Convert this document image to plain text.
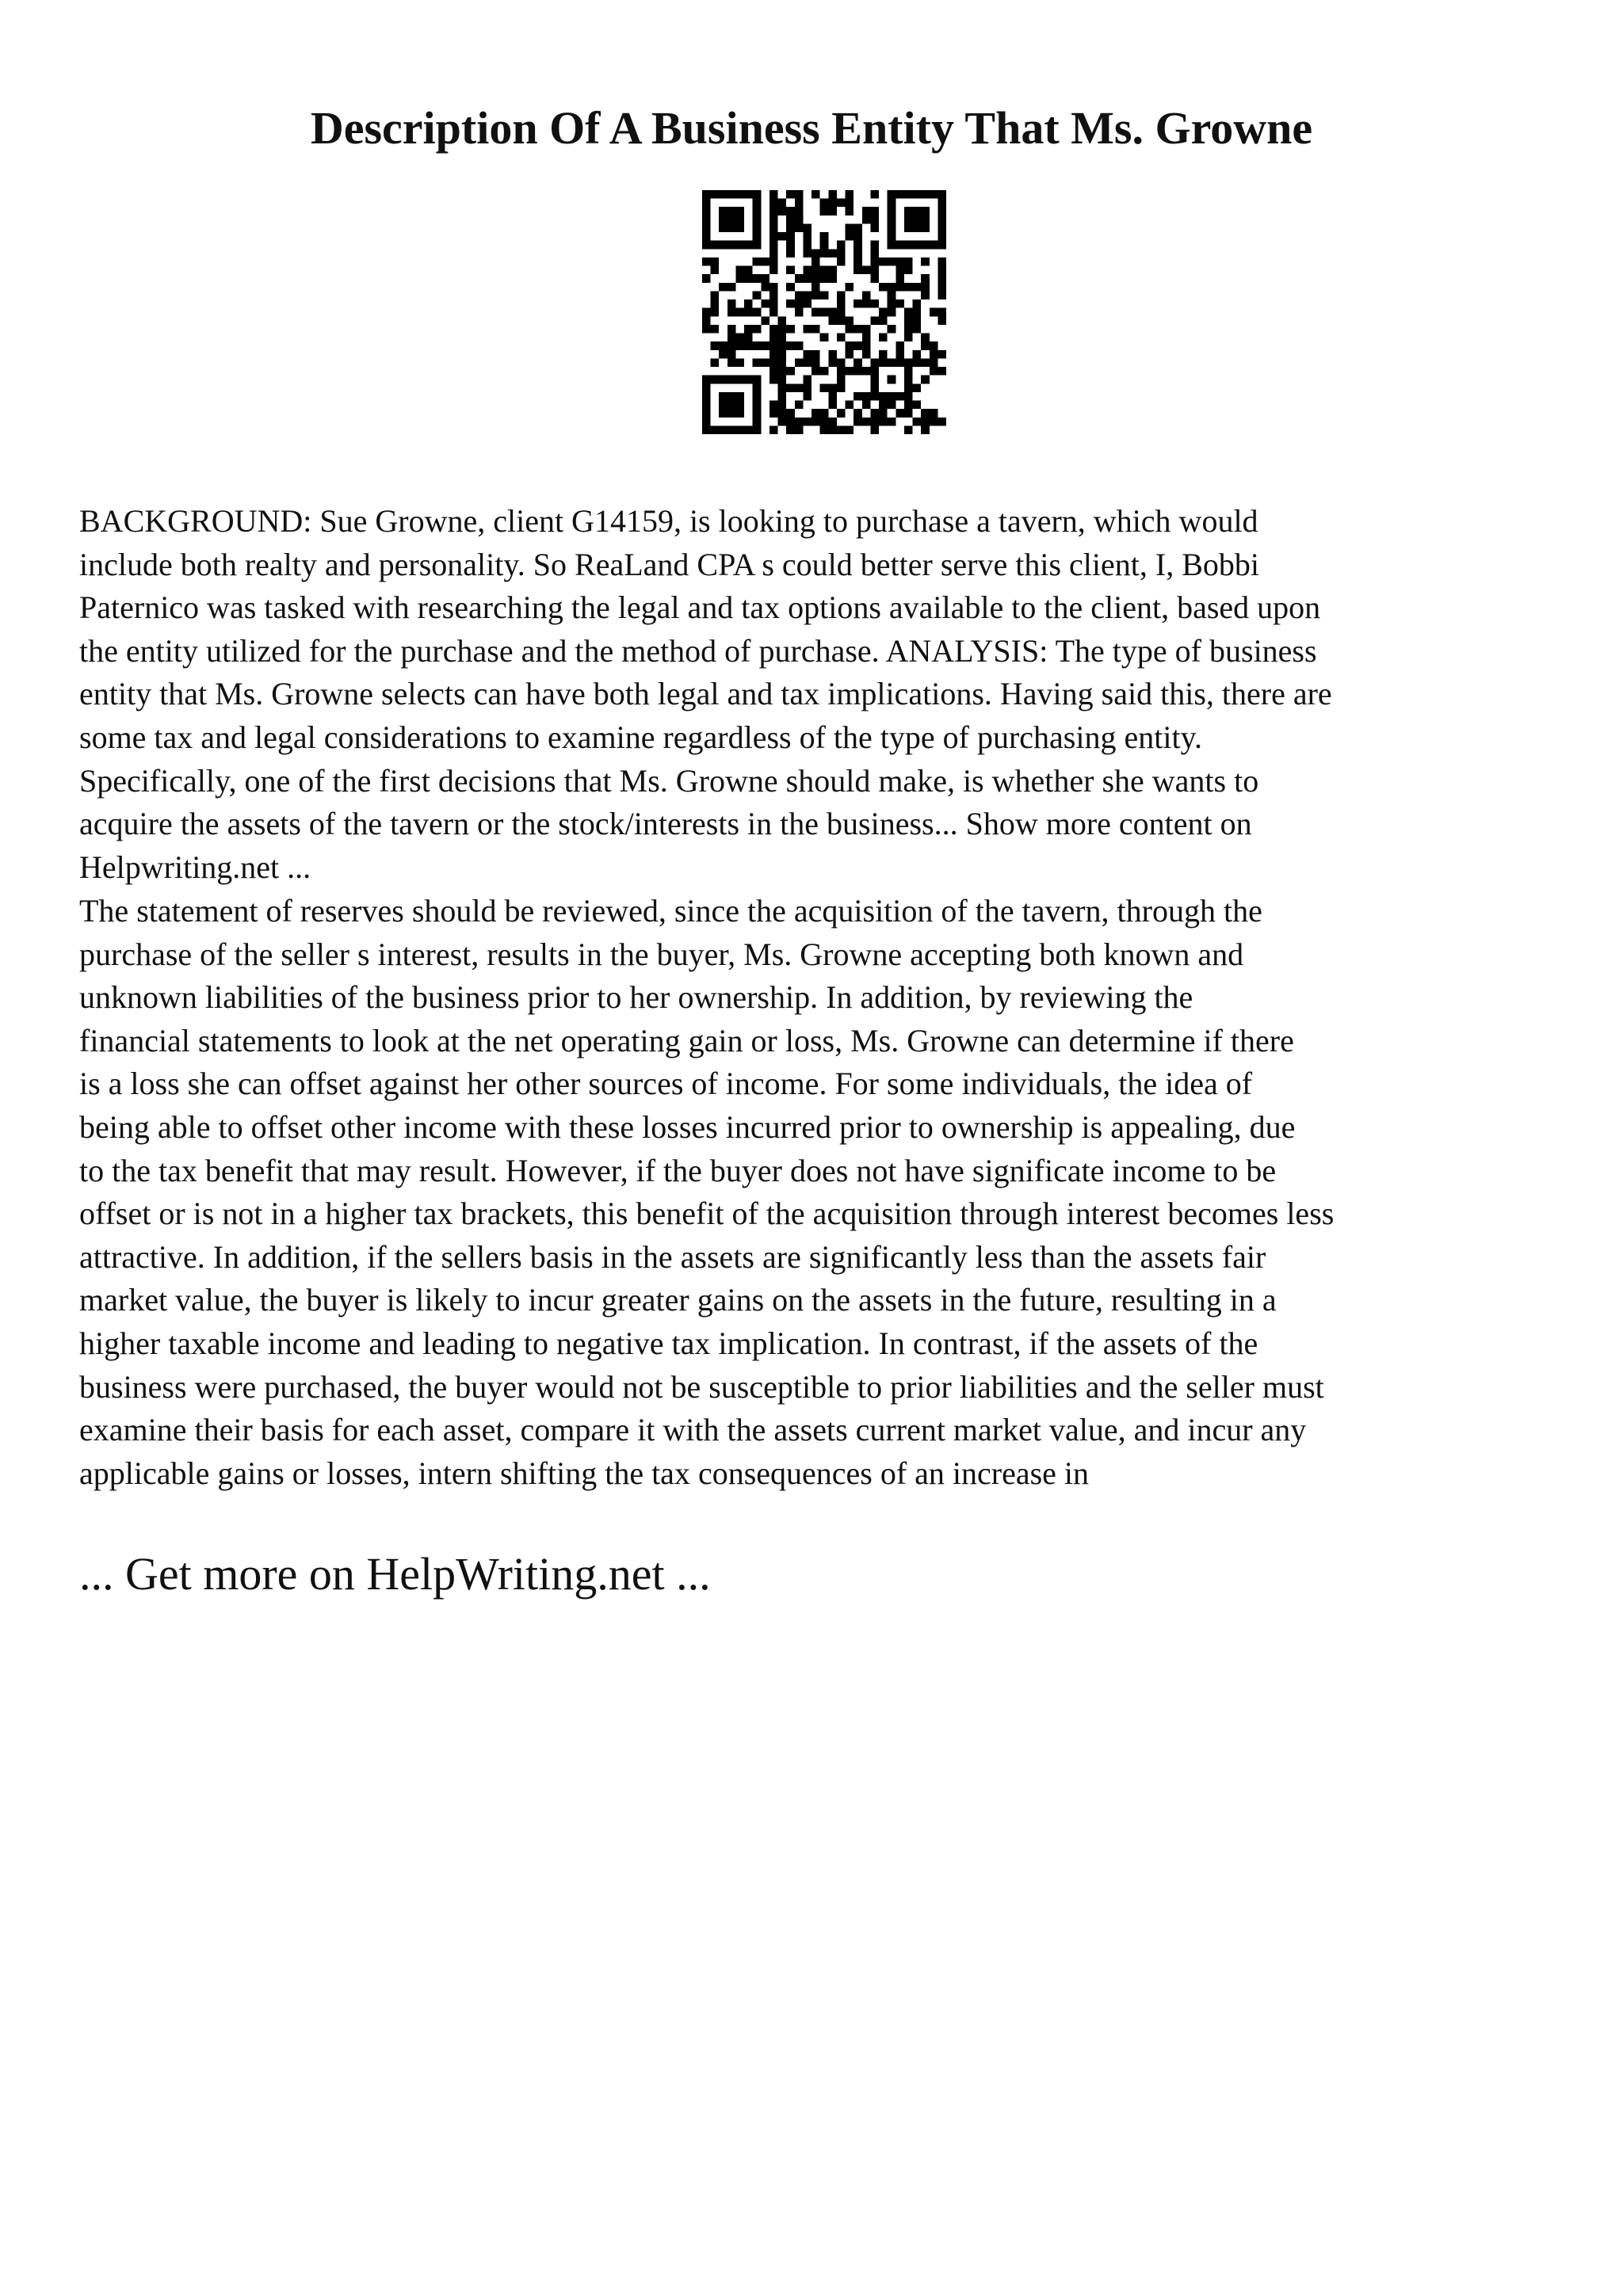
Description Of A Business Entity That Ms. Growne

BACKGROUND: Sue Growne, client G14159, is looking to purchase a tavern, which would
include both realty and personality. So ReaLand CPA s could better serve this client, I, Bobbi
Paternico was tasked with researching the legal and tax options available to the client, based upon
the entity utilized for the purchase and the method of purchase. ANALYSIS: The type of business
entity that Ms. Growne selects can have both legal and tax implications. Having said this, there are
some tax and legal considerations to examine regardless of the type of purchasing entity.
Specifically, one of the first decisions that Ms. Growne should make, is whether she wants to
acquire the assets of the tavern or the stock/interests in the business... Show more content on
Helpwriting.net ...

The statement of reserves should be reviewed, since the acquisition of the tavern, through the
purchase of the seller s interest, results in the buyer, Ms. Growne accepting both known and
unknown liabilities of the business prior to her ownership. In addition, by reviewing the
financial statements to look at the net operating gain or loss, Ms. Growne can determine if there
is a loss she can offset against her other sources of income. For some individuals, the idea of
being able to offset other income with these losses incurred prior to ownership is appealing, due
to the tax benefit that may result. However, if the buyer does not have significate income to be
offset or is not in a higher tax brackets, this benefit of the acquisition through interest becomes less
attractive. In addition, if the sellers basis in the assets are significantly less than the assets fair
market value, the buyer is likely to incur greater gains on the assets in the future, resulting in a
higher taxable income and leading to negative tax implication. In contrast, if the assets of the
business were purchased, the buyer would not be susceptible to prior liabilities and the seller must
examine their basis for each asset, compare it with the assets current market value, and incur any
applicable gains or losses, intern shifting the tax consequences of an increase in

... Get more on HelpWriting.net ...
